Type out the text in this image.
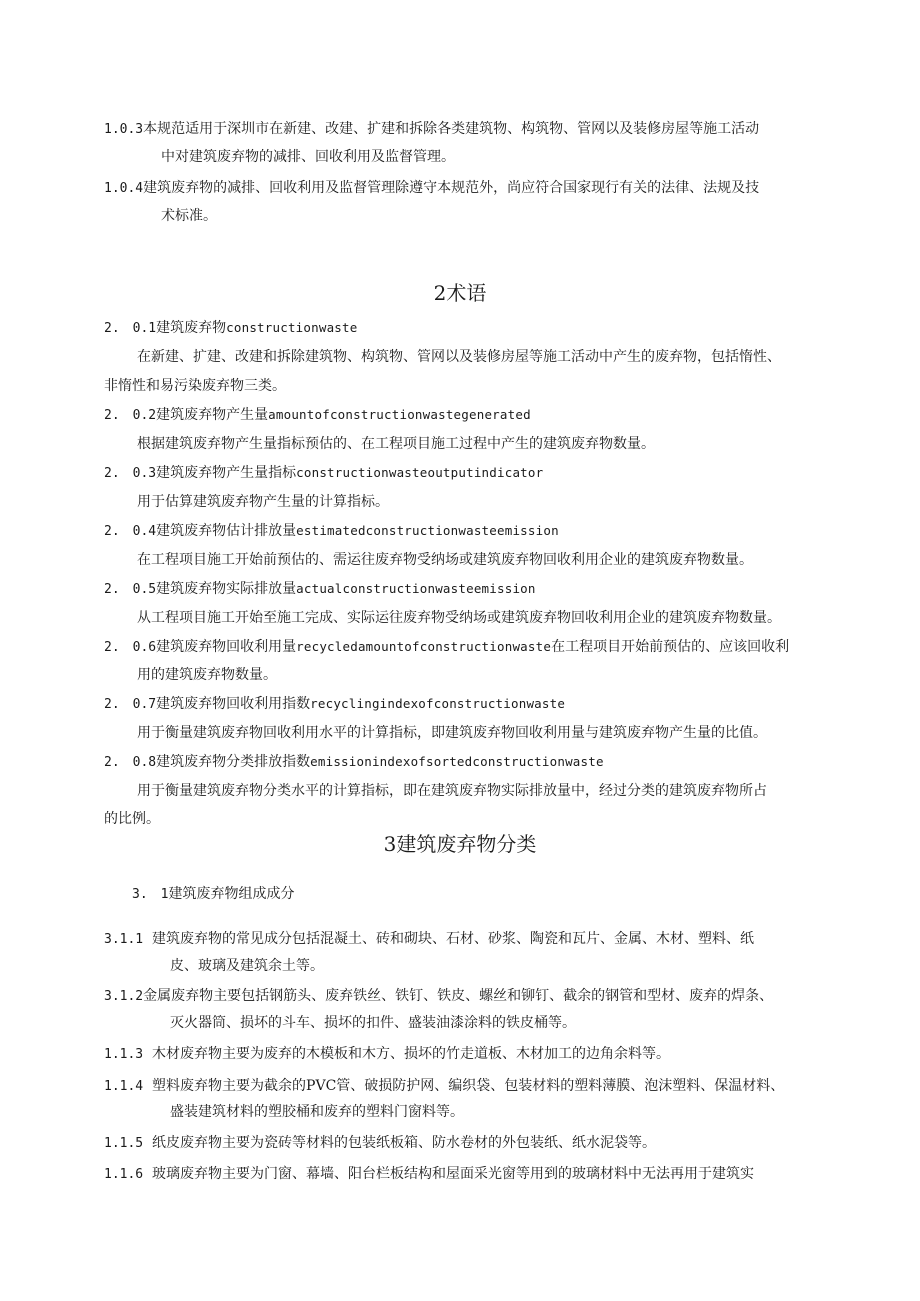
1.0.3本规范适用于深圳市在新建、改建、扩建和拆除各类建筑物、构筑物、管网以及装修房屋等施工活动
中对建筑废弃物的减排、回收利用及监督管理。
1.0.4建筑废弃物的减排、回收利用及监督管理除遵守本规范外，尚应符合国家现行有关的法律、法规及技
术标准。
2术语
2.　0.1建筑废弃物constructionwaste
在新建、扩建、改建和拆除建筑物、构筑物、管网以及装修房屋等施工活动中产生的废弃物，包括惰性、
非惰性和易污染废弃物三类。
2.　0.2建筑废弃物产生量amountofconstructionwastegenerated
根据建筑废弃物产生量指标预估的、在工程项目施工过程中产生的建筑废弃物数量。
2.　0.3建筑废弃物产生量指标constructionwasteoutputindicator
用于估算建筑废弃物产生量的计算指标。
2.　0.4建筑废弃物估计排放量estimatedconstructionwasteemission
在工程项目施工开始前预估的、需运往废弃物受纳场或建筑废弃物回收利用企业的建筑废弃物数量。
2.　0.5建筑废弃物实际排放量actualconstructionwasteemission
从工程项目施工开始至施工完成、实际运往废弃物受纳场或建筑废弃物回收利用企业的建筑废弃物数量。
2.　0.6建筑废弃物回收利用量recycledamountofconstructionwaste在工程项目开始前预估的、应该回收利
用的建筑废弃物数量。
2.　0.7建筑废弃物回收利用指数recyclingindexofconstructionwaste
用于衡量建筑废弃物回收利用水平的计算指标，即建筑废弃物回收利用量与建筑废弃物产生量的比值。
2.　0.8建筑废弃物分类排放指数emissionindexofsortedconstructionwaste
用于衡量建筑废弃物分类水平的计算指标，即在建筑废弃物实际排放量中，经过分类的建筑废弃物所占
的比例。
3建筑废弃物分类
3.　1建筑废弃物组成成分
3.1.1 建筑废弃物的常见成分包括混凝土、砖和砌块、石材、砂浆、陶瓷和瓦片、金属、木材、塑料、纸
皮、玻璃及建筑余土等。
3.1.2金属废弃物主要包括钢筋头、废弃铁丝、铁钉、铁皮、螺丝和铆钉、截余的钢管和型材、废弃的焊条、
灭火器筒、损坏的斗车、损坏的扣件、盛装油漆涂料的铁皮桶等。
1.1.3 木材废弃物主要为废弃的木模板和木方、损坏的竹走道板、木材加工的边角余料等。
1.1.4 塑料废弃物主要为截余的PVC管、破损防护网、编织袋、包装材料的塑料薄膜、泡沫塑料、保温材料、
盛装建筑材料的塑胶桶和废弃的塑料门窗料等。
1.1.5 纸皮废弃物主要为瓷砖等材料的包装纸板箱、防水卷材的外包装纸、纸水泥袋等。
1.1.6 玻璃废弃物主要为门窗、幕墙、阳台栏板结构和屋面采光窗等用到的玻璃材料中无法再用于建筑实
